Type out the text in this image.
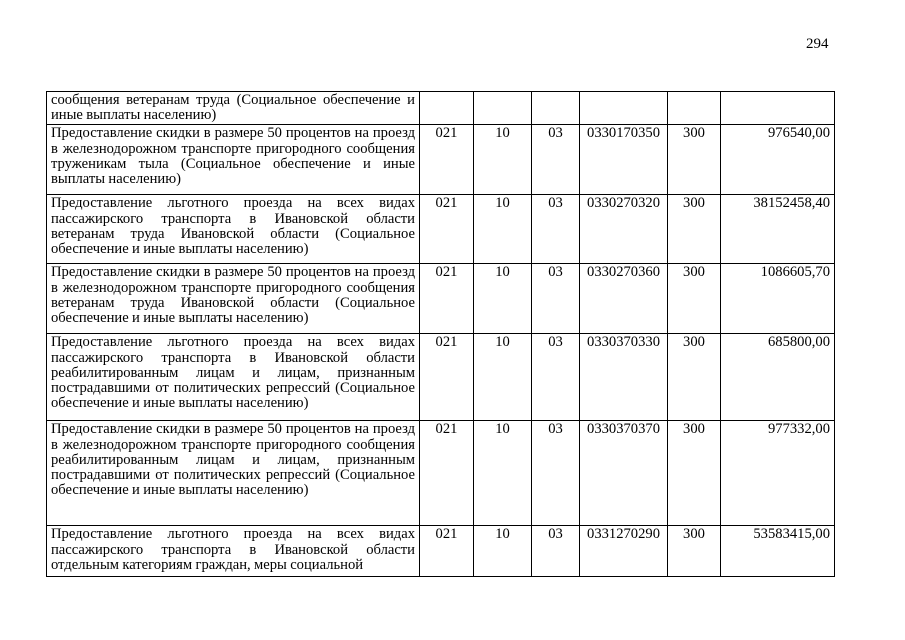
294
сообщения ветеранам труда (Социальное обеспечение и иные выплаты населению)						
Предоставление скидки в размере 50 процентов на проезд в железнодорожном транспорте пригородного сообщения труженикам тыла (Социальное обеспечение и иные выплаты населению)	021	10	03	0330170350	300	976540,00
Предоставление льготного проезда на всех видах пассажирского транспорта в Ивановской области ветеранам труда Ивановской области (Социальное обеспечение и иные выплаты населению)	021	10	03	0330270320	300	38152458,40
Предоставление скидки в размере 50 процентов на проезд в железнодорожном транспорте пригородного сообщения ветеранам труда Ивановской области (Социальное обеспечение и иные выплаты населению)	021	10	03	0330270360	300	1086605,70
Предоставление льготного проезда на всех видах пассажирского транспорта в Ивановской области реабилитированным лицам и лицам, признанным пострадавшими от политических репрессий (Социальное обеспечение и иные выплаты населению)	021	10	03	0330370330	300	685800,00
Предоставление скидки в размере 50 процентов на проезд в железнодорожном транспорте пригородного сообщения реабилитированным лицам и лицам, признанным пострадавшими от политических репрессий (Социальное обеспечение и иные выплаты населению)	021	10	03	0330370370	300	977332,00
Предоставление льготного проезда на всех видах пассажирского транспорта в Ивановской области отдельным категориям граждан, меры социальной	021	10	03	0331270290	300	53583415,00
